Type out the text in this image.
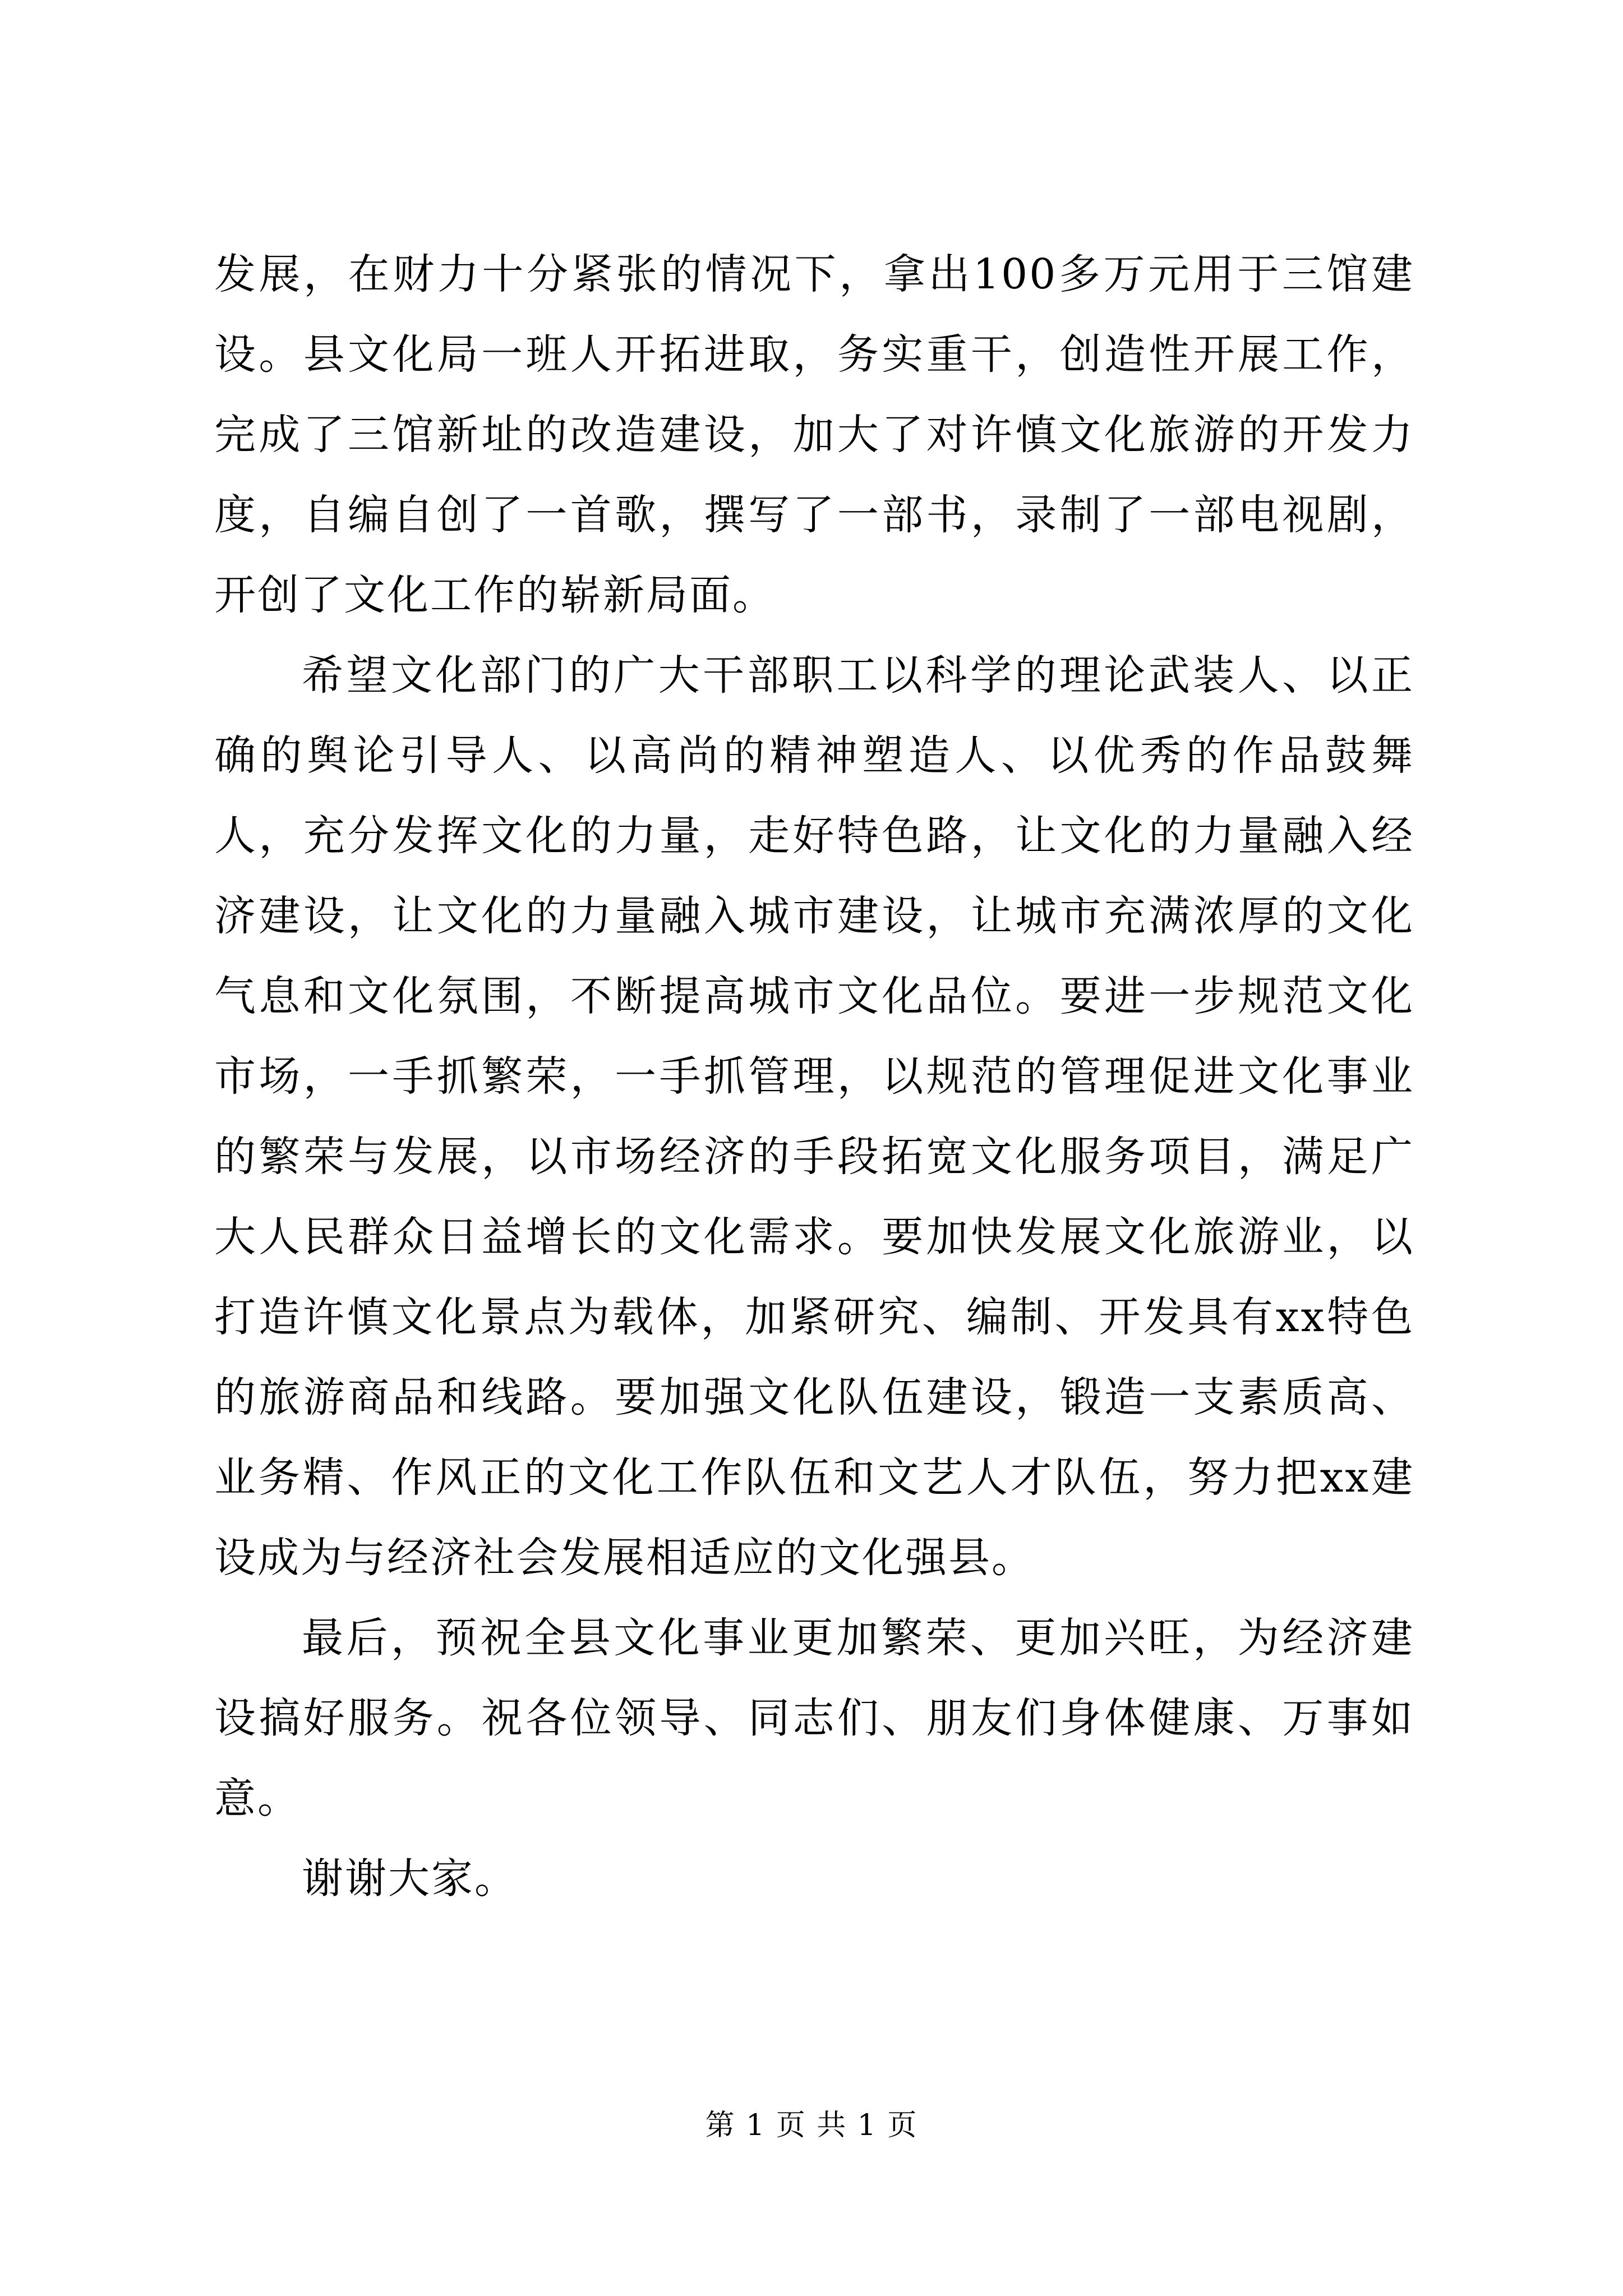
发展，在财力十分紧张的情况下，拿出100多万元用于三馆建设。县文化局一班人开拓进取，务实重干，创造性开展工作，完成了三馆新址的改造建设，加大了对许慎文化旅游的开发力度，自编自创了一首歌，撰写了一部书，录制了一部电视剧，开创了文化工作的崭新局面。

希望文化部门的广大干部职工以科学的理论武装人、以正确的舆论引导人、以高尚的精神塑造人、以优秀的作品鼓舞人，充分发挥文化的力量，走好特色路，让文化的力量融入经济建设，让文化的力量融入城市建设，让城市充满浓厚的文化气息和文化氛围，不断提高城市文化品位。要进一步规范文化市场，一手抓繁荣，一手抓管理，以规范的管理促进文化事业的繁荣与发展，以市场经济的手段拓宽文化服务项目，满足广大人民群众日益增长的文化需求。要加快发展文化旅游业，以打造许慎文化景点为载体，加紧研究、编制、开发具有xx特色的旅游商品和线路。要加强文化队伍建设，锻造一支素质高、业务精、作风正的文化工作队伍和文艺人才队伍，努力把xx建设成为与经济社会发展相适应的文化强县。

最后，预祝全县文化事业更加繁荣、更加兴旺，为经济建设搞好服务。祝各位领导、同志们、朋友们身体健康、万事如意。

谢谢大家。

第 1 页 共 1 页
